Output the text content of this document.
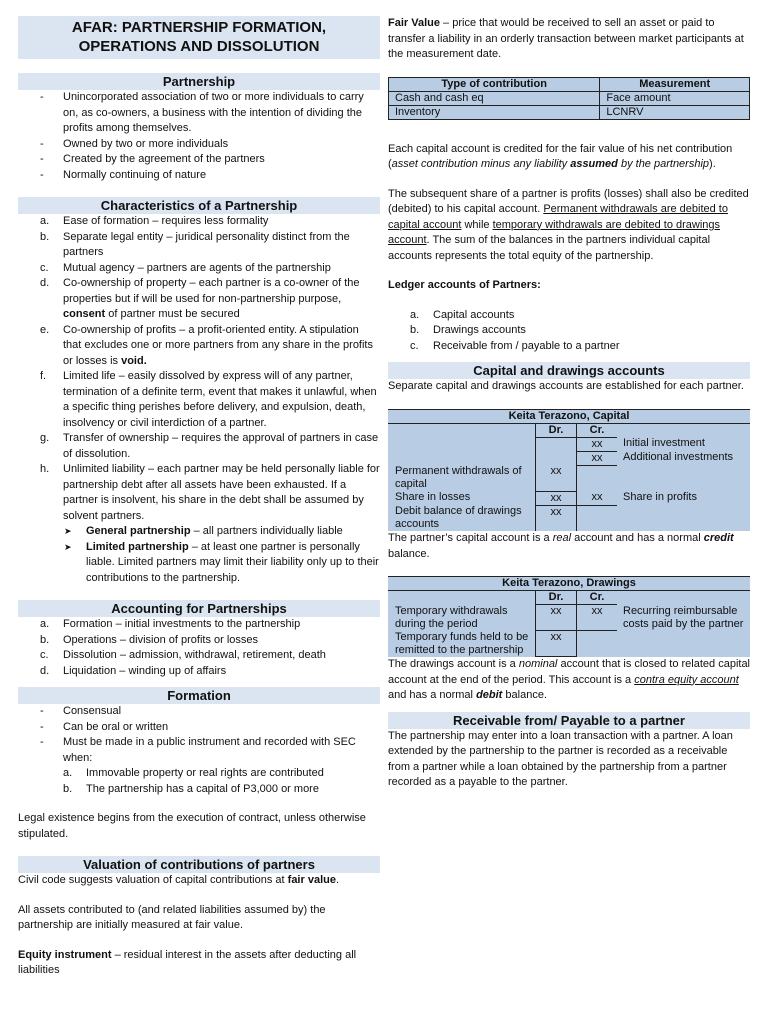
AFAR: PARTNERSHIP FORMATION,
OPERATIONS AND DISSOLUTION
Partnership
- Unincorporated association of two or more individuals to carry on, as co-owners, a business with the intention of dividing the profits among themselves.
- Owned by two or more individuals
- Created by the agreement of the partners
- Normally continuing of nature
Characteristics of a Partnership
a. Ease of formation – requires less formality
b. Separate legal entity – juridical personality distinct from the partners
c. Mutual agency – partners are agents of the partnership
d. Co-ownership of property – each partner is a co-owner of the properties but if will be used for non-partnership purpose, consent of partner must be secured
e. Co-ownership of profits – a profit-oriented entity. A stipulation that excludes one or more partners from any share in the profits or losses is void.
f. Limited life – easily dissolved by express will of any partner, termination of a definite term, event that makes it unlawful, when a specific thing perishes before delivery, and expulsion, death, insolvency or civil interdiction of a partner.
g. Transfer of ownership – requires the approval of partners in case of dissolution.
h. Unlimited liability – each partner may be held personally liable for partnership debt after all assets have been exhausted. If a partner is insolvent, his share in the debt shall be assumed by solvent partners.
➤ General partnership – all partners individually liable
➤ Limited partnership – at least one partner is personally liable. Limited partners may limit their liability only up to their contributions to the partnership.
Accounting for Partnerships
a. Formation – initial investments to the partnership
b. Operations – division of profits or losses
c. Dissolution – admission, withdrawal, retirement, death
d. Liquidation – winding up of affairs
Formation
- Consensual
- Can be oral or written
- Must be made in a public instrument and recorded with SEC when:
a. Immovable property or real rights are contributed
b. The partnership has a capital of P3,000 or more

Legal existence begins from the execution of contract, unless otherwise stipulated.

Valuation of contributions of partners

Civil code suggests valuation of capital contributions at fair value.

All assets contributed to (and related liabilities assumed by) the partnership are initially measured at fair value.

Equity instrument – residual interest in the assets after deducting all liabilities

Fair Value – price that would be received to sell an asset or paid to transfer a liability in an orderly transaction between market participants at the measurement date.

Type of contribution	Measurement
Cash and cash eq	Face amount
Inventory	LCNRV

Each capital account is credited for the fair value of his net contribution (asset contribution minus any liability assumed by the partnership).

The subsequent share of a partner is profits (losses) shall also be credited (debited) to his capital account. Permanent withdrawals are debited to capital account while temporary withdrawals are debited to drawings account. The sum of the balances in the partners individual capital accounts represents the total equity of the partnership.

Ledger accounts of Partners:

a. Capital accounts
b. Drawings accounts
c. Receivable from / payable to a partner
Capital and drawings accounts

Separate capital and drawings accounts are established for each partner.

Keita Terazono, Capital
	Dr.	Cr.	
		xx	Initial investment
		xx	Additional investments
Permanent withdrawals of capital	xx		
Share in losses	xx	xx	Share in profits
Debit balance of drawings accounts	xx		

The partner’s capital account is a real account and has a normal credit balance.

Keita Terazono, Drawings
	Dr.	Cr.	
Temporary withdrawals during the period	xx	xx	Recurring reimbursable costs paid by the partner
Temporary funds held to be remitted to the partnership	xx		

The drawings account is a nominal account that is closed to related capital account at the end of the period. This account is a contra equity account and has a normal debit balance.

Receivable from/ Payable to a partner

The partnership may enter into a loan transaction with a partner. A loan extended by the partnership to the partner is recorded as a receivable from a partner while a loan obtained by the partnership from a partner recorded as a payable to the partner.
